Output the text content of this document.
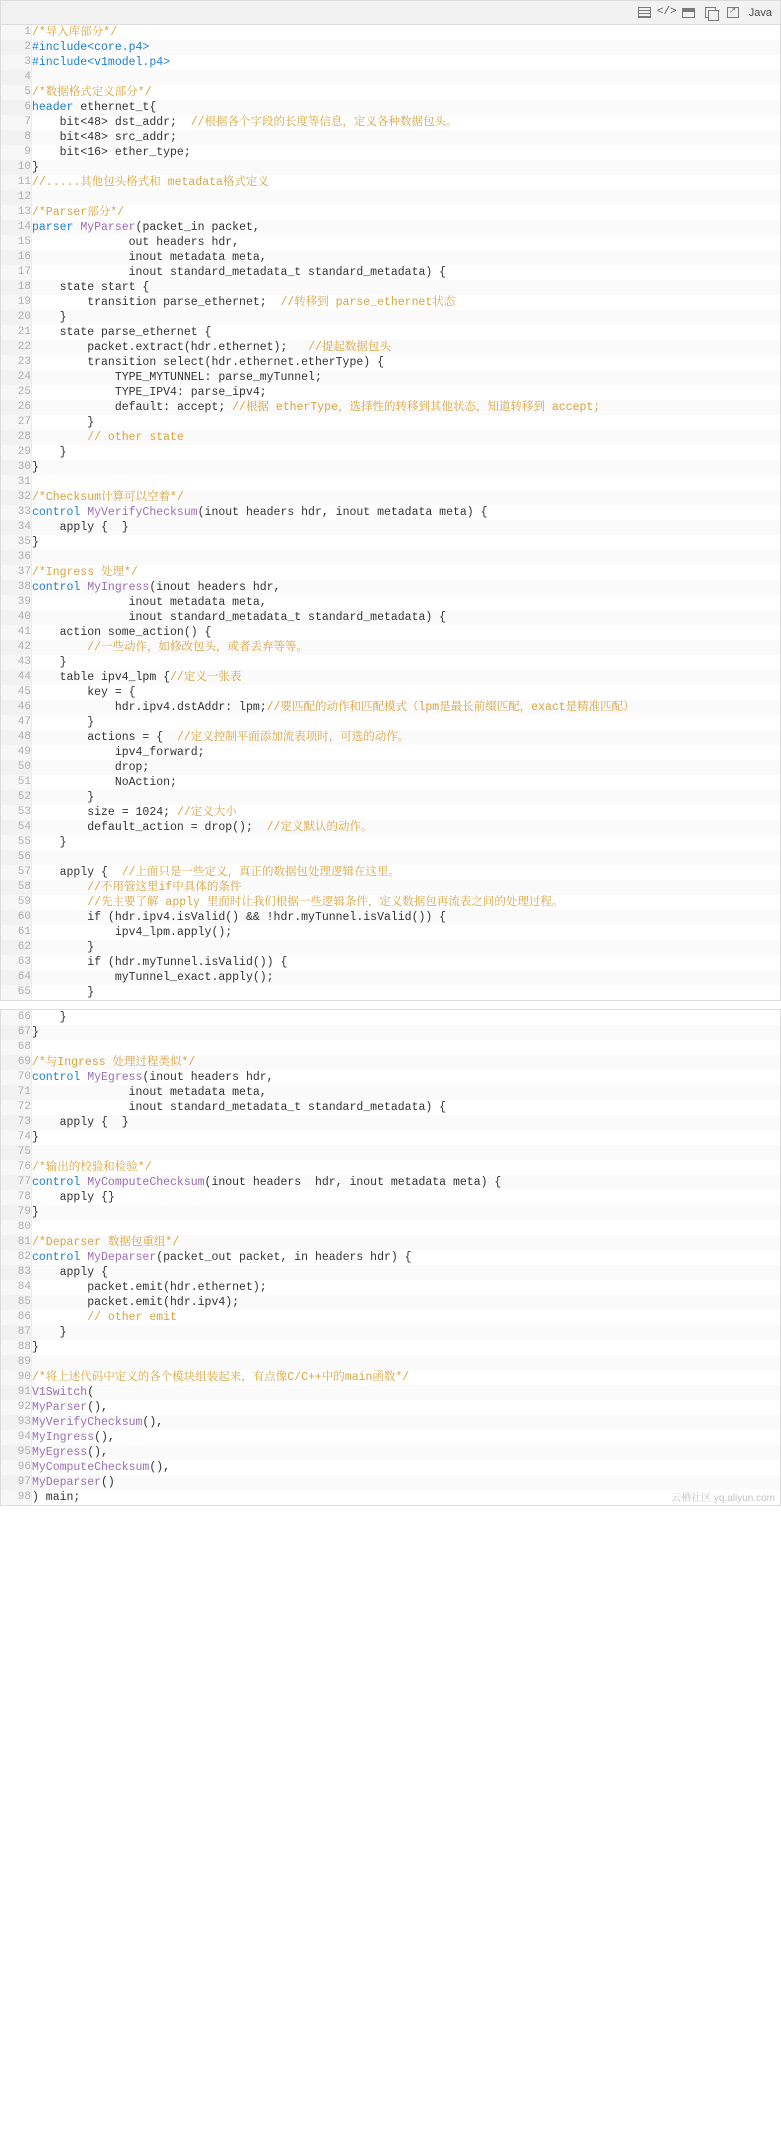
</> ↗	Java
1	/*导入库部分*/
2	#include<core.p4>
3	#include<v1model.p4>
4	
5	/*数据格式定义部分*/
6	header ethernet_t{
7	bit<48> dst_addr;  //根据各个字段的长度等信息，定义各种数据包头。
8	bit<48> src_addr;
9	bit<16> ether_type;
10	}
11	//.....其他包头格式和 metadata格式定义
12	
13	/*Parser部分*/
14	parser MyParser(packet_in packet,
15	out headers hdr,
16	inout metadata meta,
17	inout standard_metadata_t standard_metadata) {
18	state start {
19	transition parse_ethernet;  //转移到 parse_ethernet状态
20	}
21	state parse_ethernet {
22	packet.extract(hdr.ethernet);   //提起数据包头
23	transition select(hdr.ethernet.etherType) {
24	TYPE_MYTUNNEL: parse_myTunnel;
25	TYPE_IPV4: parse_ipv4;
26	default: accept; //根据 etherType，选择性的转移到其他状态，知道转移到 accept;
27	}
28	// other state
29	}
30	}
31	
32	/*Checksum计算可以空着*/
33	control MyVerifyChecksum(inout headers hdr, inout metadata meta) {
34	apply {  }
35	}
36	
37	/*Ingress 处理*/
38	control MyIngress(inout headers hdr,
39	inout metadata meta,
40	inout standard_metadata_t standard_metadata) {
41	action some_action() {
42	//一些动作，如修改包头，或者丢弃等等。
43	}
44	table ipv4_lpm {//定义一张表
45	key = {
46	hdr.ipv4.dstAddr: lpm;//要匹配的动作和匹配模式（lpm是最长前缀匹配，exact是精准匹配）
47	}
48	actions = {  //定义控制平面添加流表项时，可选的动作。
49	ipv4_forward;
50	drop;
51	NoAction;
52	}
53	size = 1024; //定义大小
54	default_action = drop();  //定义默认的动作。
55	}
56	
57	apply {  //上面只是一些定义，真正的数据包处理逻辑在这里。
58	//不用管这里if中具体的条件
59	//先主要了解 apply 里面时让我们根据一些逻辑条件，定义数据包再流表之间的处理过程。
60	if (hdr.ipv4.isValid() && !hdr.myTunnel.isValid()) {
61	ipv4_lpm.apply();
62	}
63	if (hdr.myTunnel.isValid()) {
64	myTunnel_exact.apply();
65	}
66	}
67	}
68	
69	/*与Ingress 处理过程类似*/
70	control MyEgress(inout headers hdr,
71	inout metadata meta,
72	inout standard_metadata_t standard_metadata) {
73	apply {  }
74	}
75	
76	/*输出的校验和检验*/
77	control MyComputeChecksum(inout headers  hdr, inout metadata meta) {
78	apply {}
79	}
80	
81	/*Deparser 数据包重组*/
82	control MyDeparser(packet_out packet, in headers hdr) {
83	apply {
84	packet.emit(hdr.ethernet);
85	packet.emit(hdr.ipv4);
86	// other emit
87	}
88	}
89	
90	/*将上述代码中定义的各个模块组装起来，有点像C/C++中的main函数*/
91	V1Switch(
92	MyParser(),
93	MyVerifyChecksum(),
94	MyIngress(),
95	MyEgress(),
96	MyComputeChecksum(),
97	MyDeparser()
98	) main;	云栖社区 yq.aliyun.com
